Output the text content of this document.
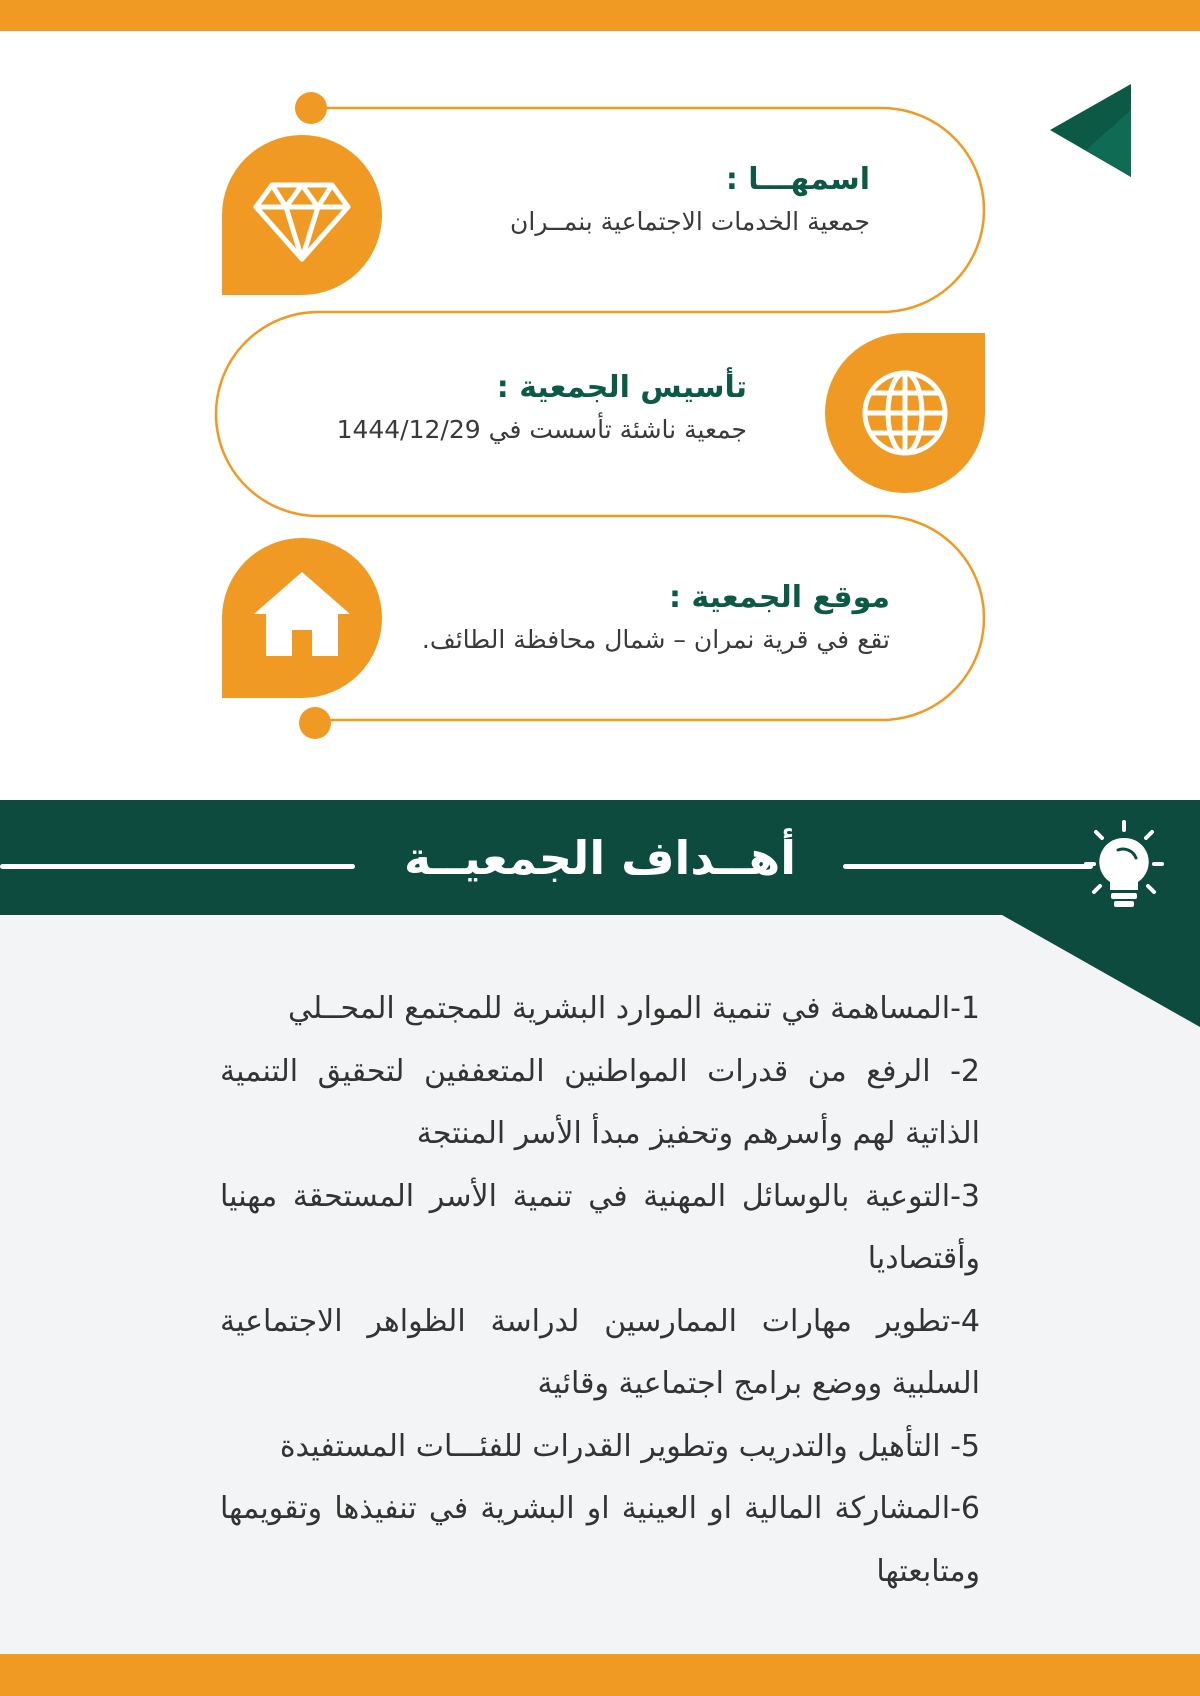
اسمهـــا :
جمعية الخدمات الاجتماعية بنمــران
تأسيس الجمعية :
جمعية ناشئة تأسست في 1444/12/29
موقع الجمعية :
تقع في قرية نمران – شمال محافظة الطائف.
أهــداف الجمعيــة
1-المساهمة في تنمية الموارد البشرية للمجتمع المحــلي
2- الرفع من قدرات المواطنين المتعففين لتحقيق التنمية الذاتية لهم وأسرهم وتحفيز مبدأ الأسر المنتجة
3-التوعية بالوسائل المهنية في تنمية الأسر المستحقة مهنيا وأقتصاديا
4-تطوير مهارات الممارسين لدراسة الظواهر الاجتماعية السلبية ووضع برامج اجتماعية وقائية
5- التأهيل والتدريب وتطوير القدرات للفئـــات المستفيدة
6-المشاركة المالية او العينية او البشرية في تنفيذها وتقويمها ومتابعتها
